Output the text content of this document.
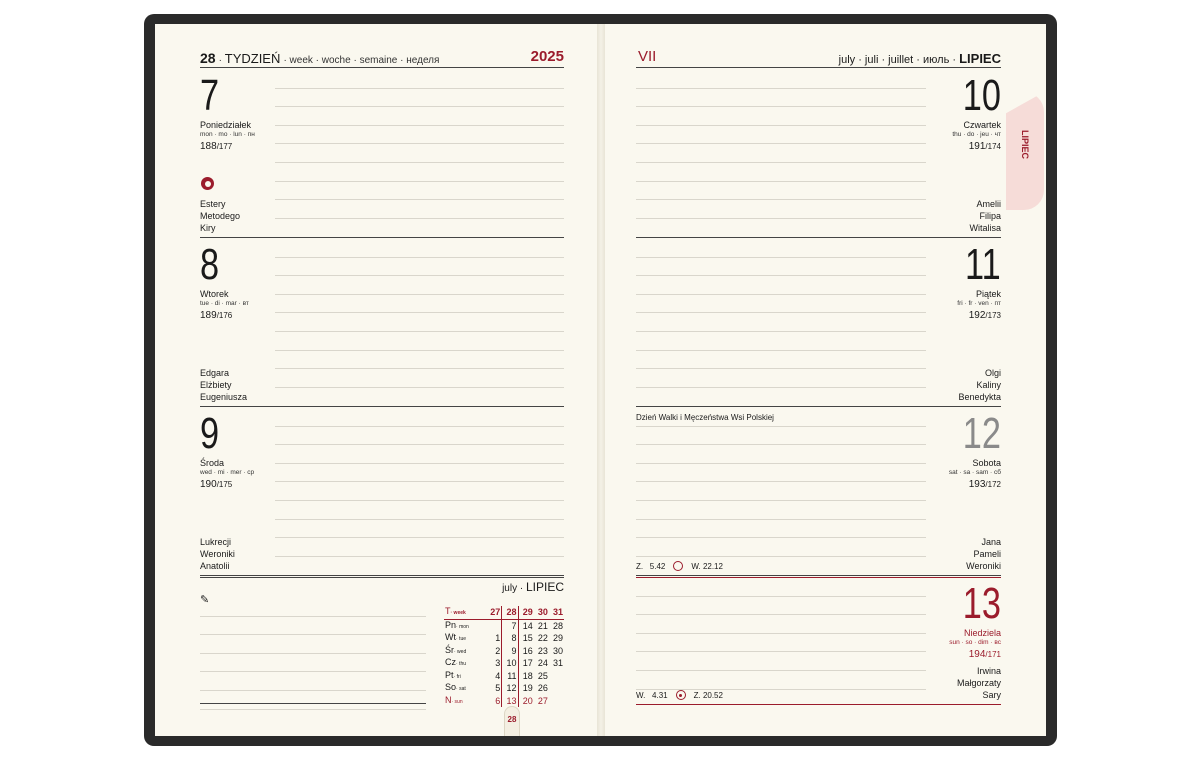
LIPIEC
28 · TYDZIEŃ · week · woche · semaine · неделя	2025	VII	july · juli · juillet · июль · LIPIEC
7
Poniedziałek
mon · mo · lun · пн
188/177
Estery
Metodego
Kiry
8
Wtorek
tue · di · mar · вт
189/176
Edgara
Elżbiety
Eugeniusza
9
Środa
wed · mi · mer · ср
190/175
Lukrecji
Weroniki
Anatolii
july · LIPIEC
✎
T· week	27	28	29	30	31
Pn· mon		7	14	21	28
Wt· tue	1	8	15	22	29
Śr· wed	2	9	16	23	30
Cz· thu	3	10	17	24	31
Pt· fri	4	11	18	25	
So· sat	5	12	19	26	
N· sun	6	13	20	27	
28
10
Czwartek
thu · do · jeu · чт
191/174
Amelii
Filipa
Witalisa
11
Piątek
fri · fr · ven · пт
192/173
Olgi
Kaliny
Benedykta
Dzień Walki i Męczeństwa Wsi Polskiej	12
Sobota
sat · sa · sam · сб
193/172
Z. 5.42	W. 22.12
Jana
Pameli
Weroniki
13
Niedziela
sun · so · dim · вс
194/171
W. 4.31	Z. 20.52
Irwina
Małgorzaty
Sary
